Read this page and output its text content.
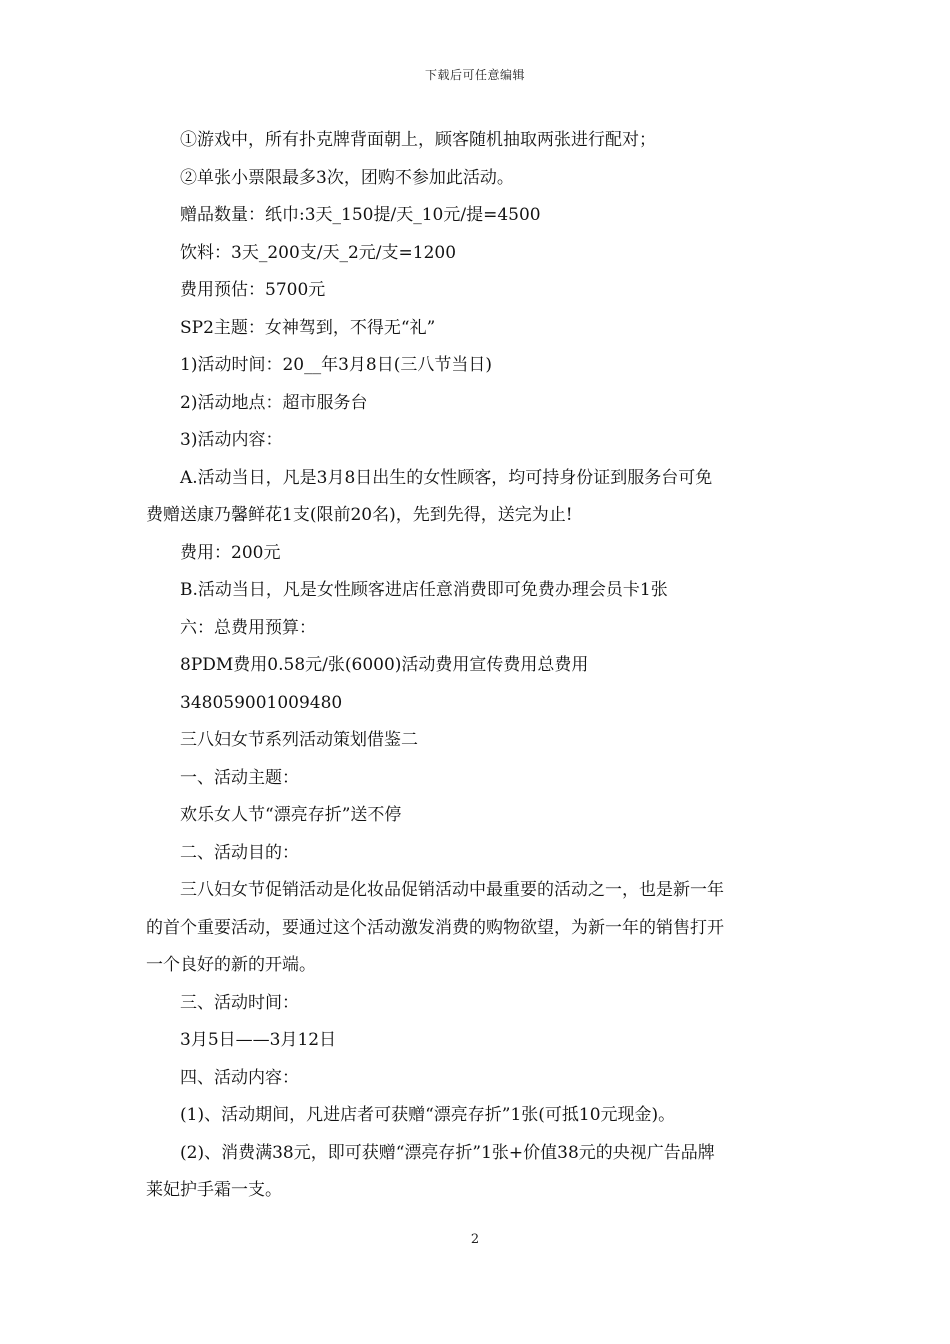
下载后可任意编辑
①游戏中，所有扑克牌背面朝上，顾客随机抽取两张进行配对；
②单张小票限最多3次，团购不参加此活动。
赠品数量：纸巾:3天_150提/天_10元/提=4500
饮料：3天_200支/天_2元/支=1200
费用预估：5700元
SP2主题：女神驾到，不得无“礼”
1)活动时间：20__年3月8日(三八节当日)
2)活动地点：超市服务台
3)活动内容：
A.活动当日，凡是3月8日出生的女性顾客，均可持身份证到服务台可免
费赠送康乃馨鲜花1支(限前20名)，先到先得，送完为止!
费用：200元
B.活动当日，凡是女性顾客进店任意消费即可免费办理会员卡1张
六：总费用预算：
8PDM费用0.58元/张(6000)活动费用宣传费用总费用
348059001009480
三八妇女节系列活动策划借鉴二
一、活动主题：
欢乐女人节“漂亮存折”送不停
二、活动目的：
三八妇女节促销活动是化妆品促销活动中最重要的活动之一，也是新一年
的首个重要活动，要通过这个活动激发消费的购物欲望，为新一年的销售打开
一个良好的新的开端。
三、活动时间：
3月5日——3月12日
四、活动内容：
(1)、活动期间，凡进店者可获赠“漂亮存折”1张(可抵10元现金)。
(2)、消费满38元，即可获赠“漂亮存折”1张+价值38元的央视广告品牌
莱妃护手霜一支。
2
